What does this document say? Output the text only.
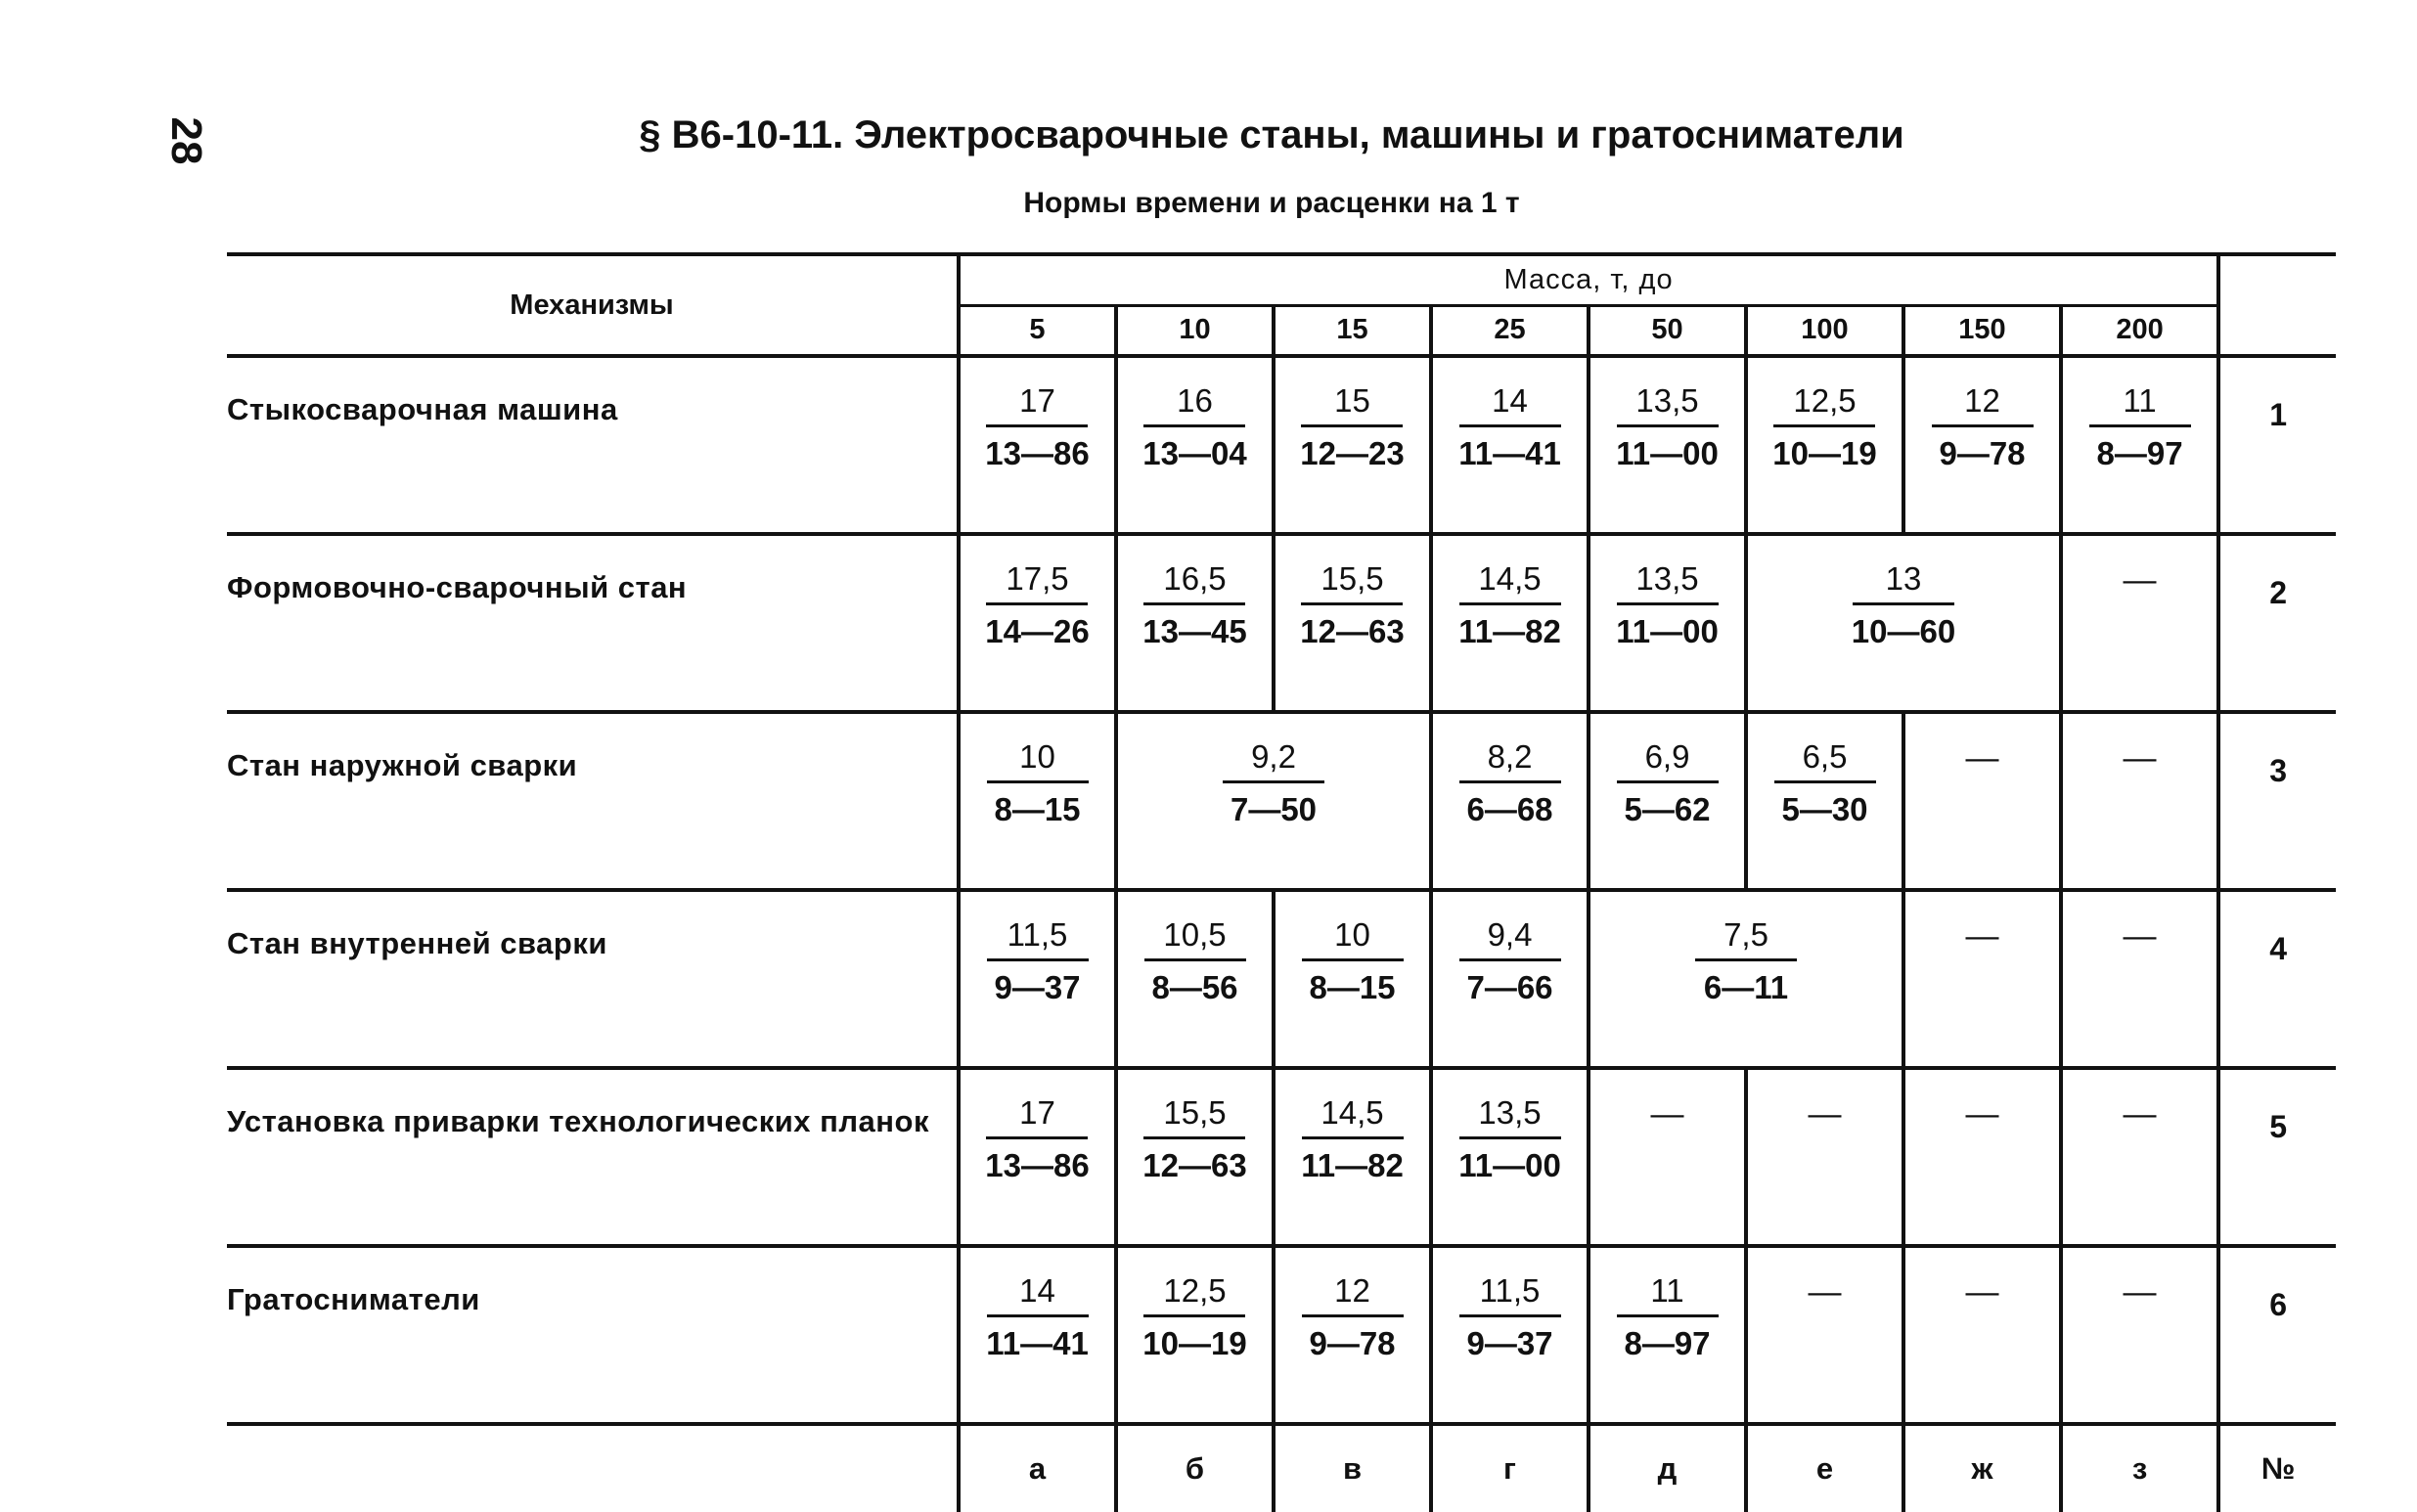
28	§ В6-10-11. Электросварочные станы, машины и гратосниматели
Нормы времени и расценки на 1 т
Механизмы	Масса, т, до								
	5	10	15	25	50	100	150	200	
Стыкосварочная машина	$\frac{17}{13—86}$	$\frac{16}{13—04}$	$\frac{15}{12—23}$	$\frac{14}{11—41}$	$\frac{13,5}{11—00}$	$\frac{12,5}{10—19}$	$\frac{12}{9—78}$	$\frac{11}{8—97}$	1
Формовочно-сварочный стан	$\frac{17,5}{14—26}$	$\frac{16,5}{13—45}$	$\frac{15,5}{12—63}$	$\frac{14,5}{11—82}$	$\frac{13,5}{11—00}$	$\frac{13}{10—60}$		—	2
Стан наружной сварки	$\frac{10}{8—15}$	$\frac{9,2}{7—50}$		$\frac{8,2}{6—68}$	$\frac{6,9}{5—62}$	$\frac{6,5}{5—30}$	—	—	3
Стан внутренней сварки	$\frac{11,5}{9—37}$	$\frac{10,5}{8—56}$	$\frac{10}{8—15}$	$\frac{9,4}{7—66}$	$\frac{7,5}{6—11}$		—	—	4
Установка приварки технологических планок	$\frac{17}{13—86}$	$\frac{15,5}{12—63}$	$\frac{14,5}{11—82}$	$\frac{13,5}{11—00}$	—	—	—	—	5
Гратосниматели	$\frac{14}{11—41}$	$\frac{12,5}{10—19}$	$\frac{12}{9—78}$	$\frac{11,5}{9—37}$	$\frac{11}{8—97}$	—	—	—	6
	а	б	в	г	д	е	ж	з	№
